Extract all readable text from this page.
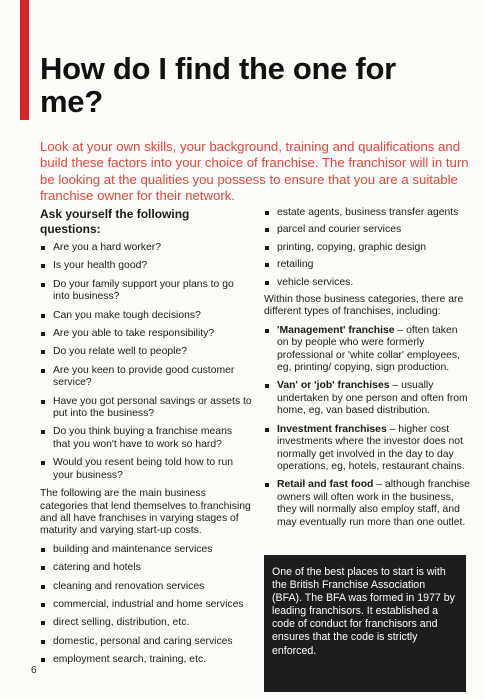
How do I find the one for me?

Look at your own skills, your background, training and qualifications and build these factors into your choice of franchise. The franchisor will in turn be looking at the qualities you possess to ensure that you are a suitable franchise owner for their network.

Ask yourself the following questions:

Are you a hard worker?
Is your health good?
Do your family support your plans to go into business?
Can you make tough decisions?
Are you able to take responsibility?
Do you relate well to people?
Are you keen to provide good customer service?
Have you got personal savings or assets to put into the business?
Do you think buying a franchise means that you won't have to work so hard?
Would you resent being told how to run your business?

The following are the main business categories that lend themselves to franchising and all have franchises in varying stages of maturity and varying start-up costs.

building and maintenance services
catering and hotels
cleaning and renovation services
commercial, industrial and home services
direct selling, distribution, etc.
domestic, personal and caring services
employment search, training, etc.
estate agents, business transfer agents
parcel and courier services
printing, copying, graphic design
retailing
vehicle services.

Within those business categories, there are different types of franchises, including:

'Management' franchise – often taken on by people who were formerly professional or 'white collar' employees, eg, printing/ copying, sign production.
Van' or 'job' franchises – usually undertaken by one person and often from home, eg, van based distribution.
Investment franchises – higher cost investments where the investor does not normally get involved in the day to day operations, eg, hotels, restaurant chains.
Retail and fast food – although franchise owners will often work in the business, they will normally also employ staff, and may eventually run more than one outlet.
One of the best places to start is with the British Franchise Association (BFA). The BFA was formed in 1977 by leading franchisors. It established a code of conduct for franchisors and ensures that the code is strictly enforced.
6
